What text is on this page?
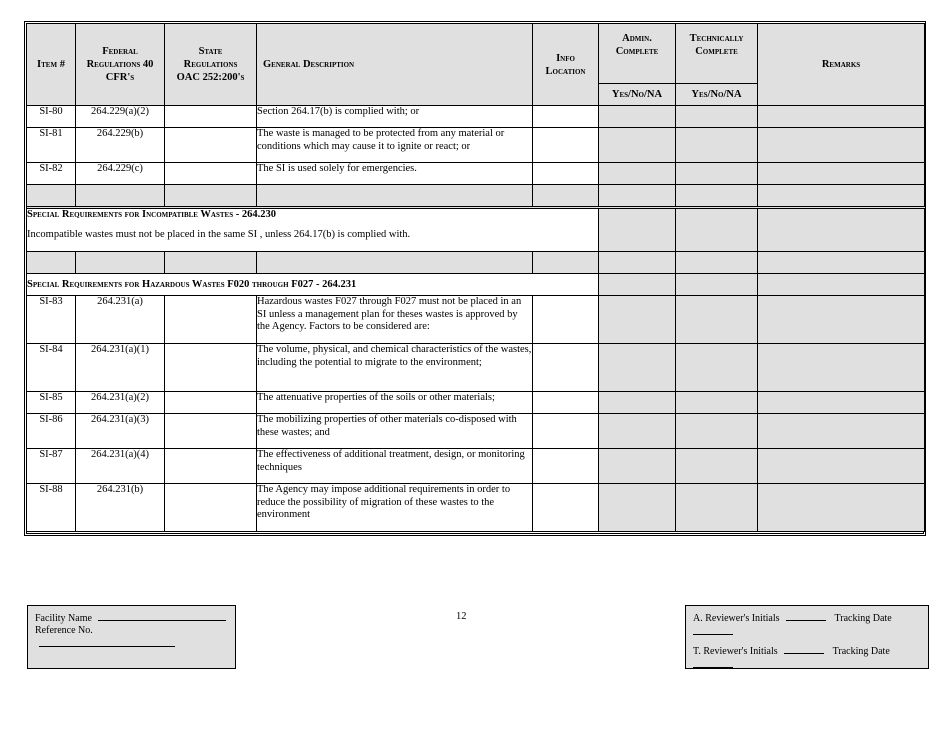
Item #	Federal Regulations 40 CFR's	State Regulations OAC 252:200's	General Description	Info Location	Admin. Complete	Technically Complete	Remarks
					Yes/No/NA	Yes/No/NA	
SI-80	264.229(a)(2)		Section 264.17(b) is complied with; or				
SI-81	264.229(b)		The waste is managed to be protected from any material or conditions which may cause it to ignite or react; or				
SI-82	264.229(c)		The SI is used solely for emergencies.				

Special Requirements for Incompatible Wastes - 264.230
Incompatible wastes must not be placed in the same SI , unless 264.17(b) is complied with.							

Special Requirements for Hazardous Wastes F020 through F027 - 264.231							

SI-83	264.231(a)		Hazardous wastes F027 through F027 must not be placed in an SI unless a management plan for theses wastes is approved by the Agency. Factors to be considered are:				
SI-84	264.231(a)(1)		The volume, physical, and chemical characteristics of the wastes, including the potential to migrate to the environment;				
SI-85	264.231(a)(2)		The attenuative properties of the soils or other materials;				
SI-86	264.231(a)(3)		The mobilizing properties of other materials co-disposed with these wastes; and				
SI-87	264.231(a)(4)		The effectiveness of additional treatment, design, or monitoring techniques				
SI-88	264.231(b)		The Agency may impose additional requirements in order to reduce the possibility of migration of these wastes to the environment				
Facility Name
Reference No.
12	A. Reviewer's Initials	Tracking Date
T. Reviewer's Initials	Tracking Date
